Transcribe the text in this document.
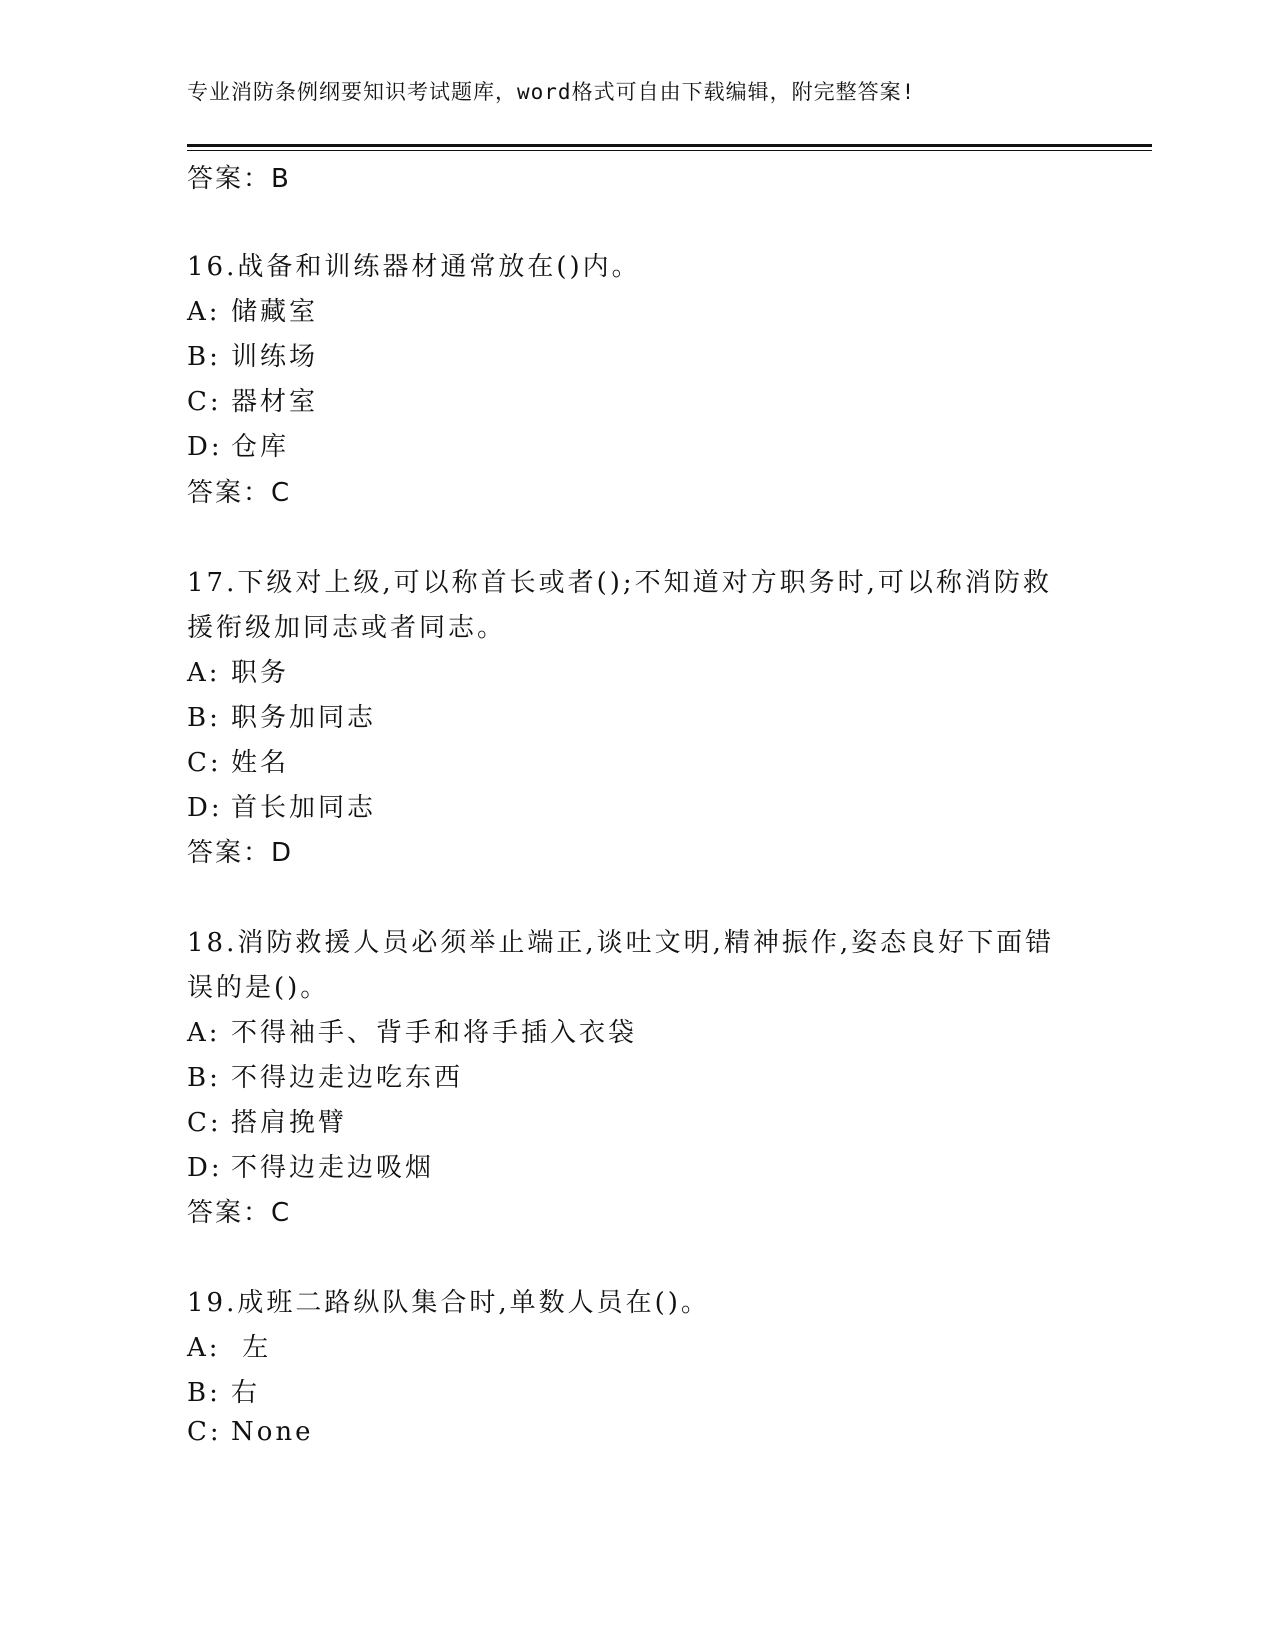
专业消防条例纲要知识考试题库，word格式可自由下载编辑，附完整答案!
答案：B
16.战备和训练器材通常放在()内。
A: 储藏室
B: 训练场
C: 器材室
D: 仓库
答案：C
17.下级对上级,可以称首长或者();不知道对方职务时,可以称消防救
援衔级加同志或者同志。
A: 职务
B: 职务加同志
C: 姓名
D: 首长加同志
答案：D
18.消防救援人员必须举止端正,谈吐文明,精神振作,姿态良好下面错
误的是()。
A: 不得袖手、背手和将手插入衣袋
B: 不得边走边吃东西
C: 搭肩挽臂
D: 不得边走边吸烟
答案：C
19.成班二路纵队集合时,单数人员在()。
A: 左
B: 右
C: None
